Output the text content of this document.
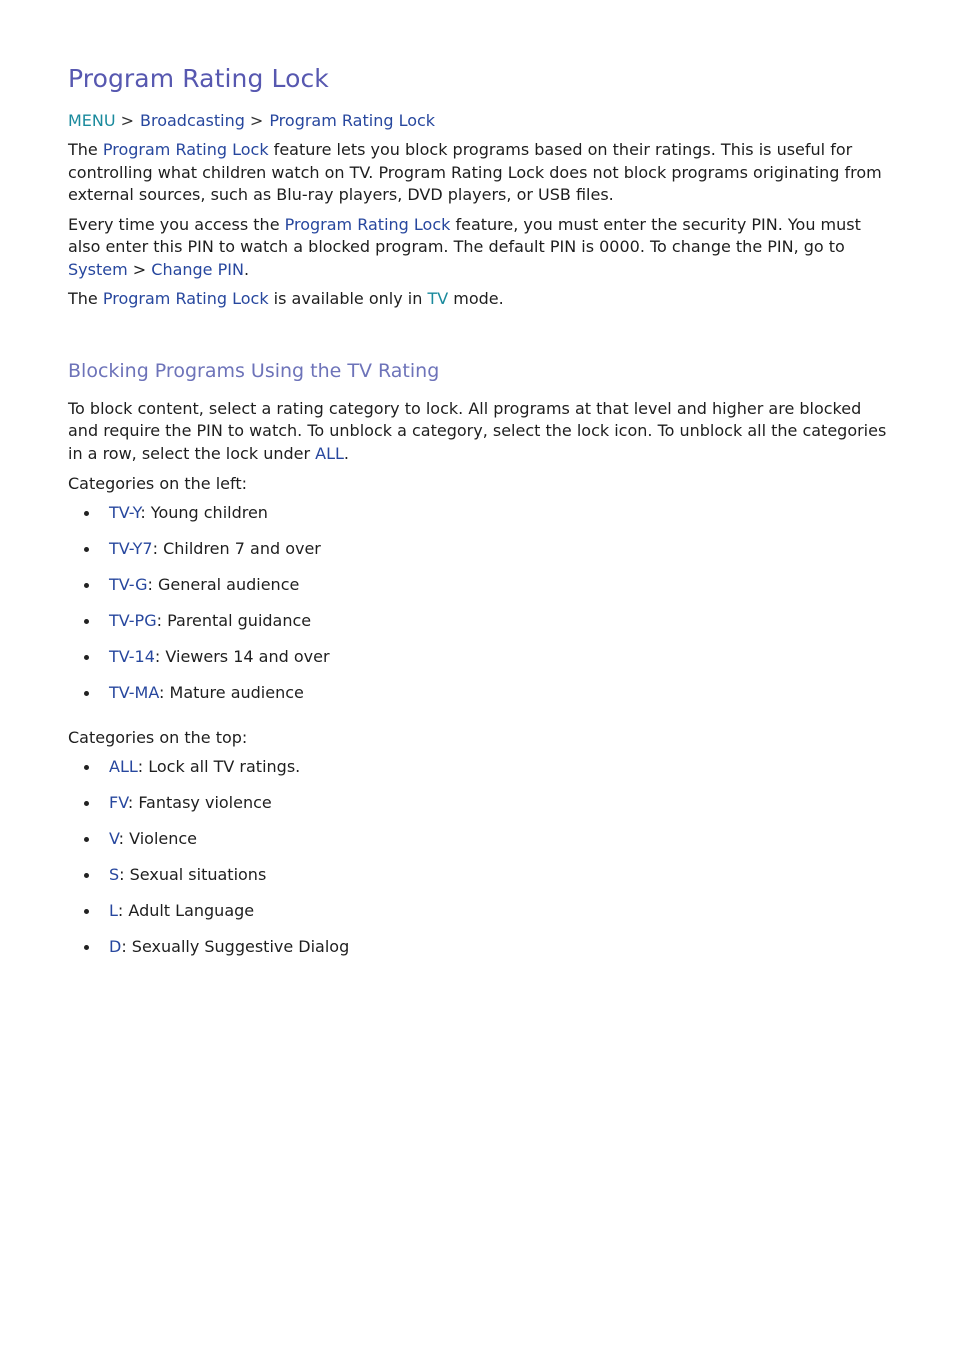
Program Rating Lock
MENU > Broadcasting > Program Rating Lock

The Program Rating Lock feature lets you block programs based on their ratings. This is useful for controlling what children watch on TV. Program Rating Lock does not block programs originating from external sources, such as Blu-ray players, DVD players, or USB files.

Every time you access the Program Rating Lock feature, you must enter the security PIN. You must also enter this PIN to watch a blocked program. The default PIN is 0000. To change the PIN, go to System > Change PIN.

The Program Rating Lock is available only in TV mode.

Blocking Programs Using the TV Rating

To block content, select a rating category to lock. All programs at that level and higher are blocked and require the PIN to watch. To unblock a category, select the lock icon. To unblock all the categories in a row, select the lock under ALL.

Categories on the left:
TV-Y: Young children
TV-Y7: Children 7 and over
TV-G: General audience
TV-PG: Parental guidance
TV-14: Viewers 14 and over
TV-MA: Mature audience
Categories on the top:
ALL: Lock all TV ratings.
FV: Fantasy violence
V: Violence
S: Sexual situations
L: Adult Language
D: Sexually Suggestive Dialog
